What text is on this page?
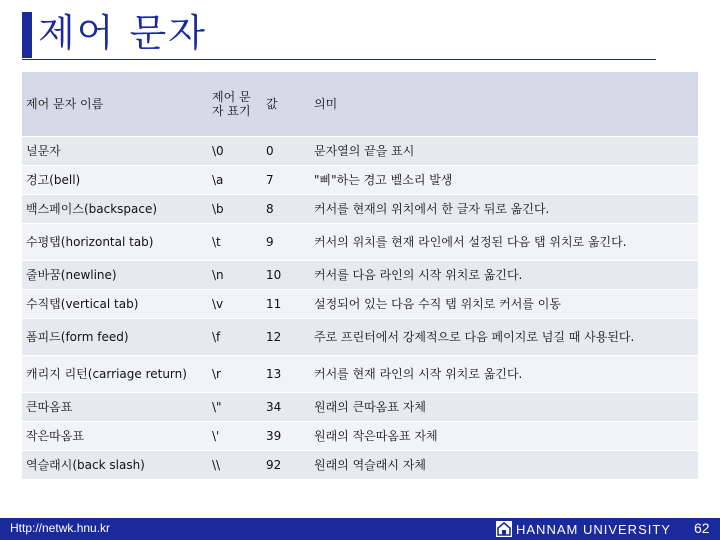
제어 문자
제어 문자 이름	제어 문자 표기	값	의미
널문자	\0	0	문자열의 끝을 표시
경고(bell)	\a	7	"삐"하는 경고 벨소리 발생
백스페이스(backspace)	\b	8	커서를 현재의 위치에서 한 글자 뒤로 옮긴다.
수평탭(horizontal tab)	\t	9	커서의 위치를 현재 라인에서 설정된 다음 탭 위치로 옮긴다.
줄바꿈(newline)	\n	10	커서를 다음 라인의 시작 위치로 옮긴다.
수직탭(vertical tab)	\v	11	설정되어 있는 다음 수직 탭 위치로 커서를 이동
폼피드(form feed)	\f	12	주로 프린터에서 강제적으로 다음 페이지로 넘길 때 사용된다.
캐리지 리턴(carriage return)	\r	13	커서를 현재 라인의 시작 위치로 옮긴다.
큰따옴표	\"	34	원래의 큰따옴표 자체
작은따옴표	\'	39	원래의 작은따옴표 자체
역슬래시(back slash)	\\	92	원래의 역슬래시 자체
Http://netwk.hnu.kr	HANNAM UNIVERSITY 62
